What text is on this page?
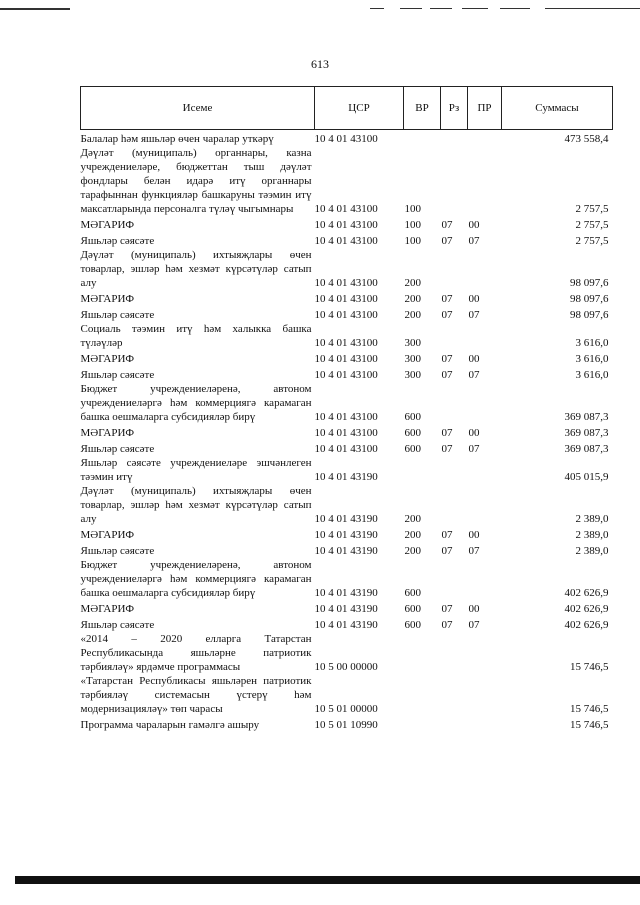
613
Исеме	ЦСР	ВР	Рз	ПР	Суммасы
Балалар һәм яшьләр өчен чаралар уткәрү	10 4 01 43100				473 558,4
Дәүләт (муниципаль) органнары, казна учреждениеләре, бюджеттан тыш дәүләт фондлары белән идарә итү органнары тарафыннан функцияләр башкаруны тәэмин итү максатларында персоналга түләү чыгымнары	10 4 01 43100	100			2 757,5
МӘГАРИФ	10 4 01 43100	100	07	00	2 757,5
Яшьләр сәясәте	10 4 01 43100	100	07	07	2 757,5
Дәүләт (муниципаль) ихтыяҗлары өчен товарлар, эшләр һәм хезмәт күрсәтүләр сатып алу	10 4 01 43100	200			98 097,6
МӘГАРИФ	10 4 01 43100	200	07	00	98 097,6
Яшьләр сәясәте	10 4 01 43100	200	07	07	98 097,6
Социаль тәэмин итү һәм халыкка башка түләүләр	10 4 01 43100	300			3 616,0
МӘГАРИФ	10 4 01 43100	300	07	00	3 616,0
Яшьләр сәясәте	10 4 01 43100	300	07	07	3 616,0
Бюджет учреждениеләренә, автоном учреждениеләргә һәм коммерциягә карамаган башка оешмаларга субсидияләр бирү	10 4 01 43100	600			369 087,3
МӘГАРИФ	10 4 01 43100	600	07	00	369 087,3
Яшьләр сәясәте	10 4 01 43100	600	07	07	369 087,3
Яшьләр сәясәте учреждениеләре эшчәнлеген тәэмин итү	10 4 01 43190				405 015,9
Дәүләт (муниципаль) ихтыяҗлары өчен товарлар, эшләр һәм хезмәт күрсәтүләр сатып алу	10 4 01 43190	200			2 389,0
МӘГАРИФ	10 4 01 43190	200	07	00	2 389,0
Яшьләр сәясәте	10 4 01 43190	200	07	07	2 389,0
Бюджет учреждениеләренә, автоном учреждениеләргә һәм коммерциягә карамаган башка оешмаларга субсидияләр бирү	10 4 01 43190	600			402 626,9
МӘГАРИФ	10 4 01 43190	600	07	00	402 626,9
Яшьләр сәясәте	10 4 01 43190	600	07	07	402 626,9
«2014 – 2020 елларга Татарстан Республикасында яшьләрне патриотик тәрбияләү» ярдәмче программасы	10 5 00 00000				15 746,5
«Татарстан Республикасы яшьләрен патриотик тәрбияләү системасын үстерү һәм модернизацияләү» төп чарасы	10 5 01 00000				15 746,5
Программа чараларын гамәлгә ашыру	10 5 01 10990				15 746,5
